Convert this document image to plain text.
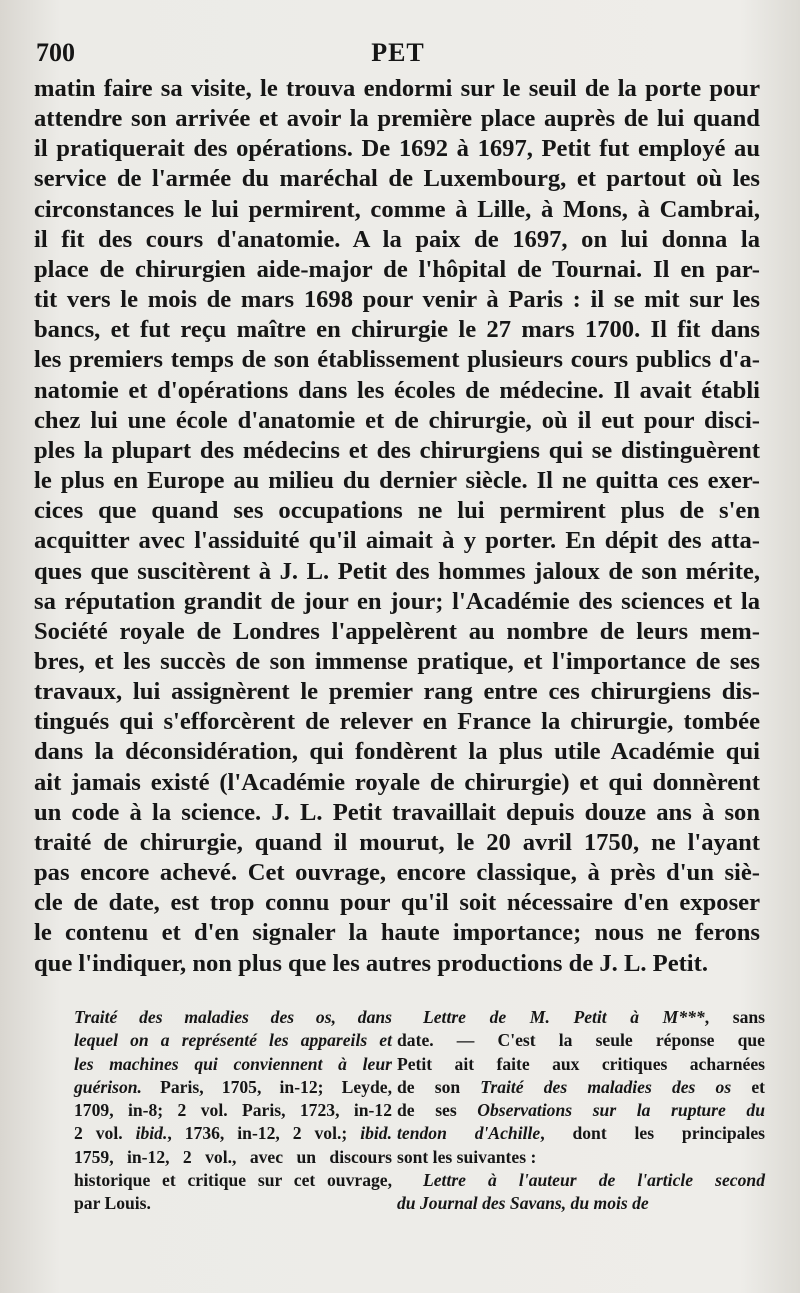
700	PET
matin faire sa visite, le trouva endormi sur le seuil de la porte pour
attendre son arrivée et avoir la première place auprès de lui quand
il pratiquerait des opérations. De 1692 à 1697, Petit fut employé au
service de l'armée du maréchal de Luxembourg, et partout où les
circonstances le lui permirent, comme à Lille, à Mons, à Cambrai,
il fit des cours d'anatomie. A la paix de 1697, on lui donna la
place de chirurgien aide-major de l'hôpital de Tournai. Il en par-
tit vers le mois de mars 1698 pour venir à Paris : il se mit sur les
bancs, et fut reçu maître en chirurgie le 27 mars 1700. Il fit dans
les premiers temps de son établissement plusieurs cours publics d'a-
natomie et d'opérations dans les écoles de médecine. Il avait établi
chez lui une école d'anatomie et de chirurgie, où il eut pour disci-
ples la plupart des médecins et des chirurgiens qui se distinguèrent
le plus en Europe au milieu du dernier siècle. Il ne quitta ces exer-
cices que quand ses occupations ne lui permirent plus de s'en
acquitter avec l'assiduité qu'il aimait à y porter. En dépit des atta-
ques que suscitèrent à J. L. Petit des hommes jaloux de son mérite,
sa réputation grandit de jour en jour; l'Académie des sciences et la
Société royale de Londres l'appelèrent au nombre de leurs mem-
bres, et les succès de son immense pratique, et l'importance de ses
travaux, lui assignèrent le premier rang entre ces chirurgiens dis-
tingués qui s'efforcèrent de relever en France la chirurgie, tombée
dans la déconsidération, qui fondèrent la plus utile Académie qui
ait jamais existé (l'Académie royale de chirurgie) et qui donnèrent
un code à la science. J. L. Petit travaillait depuis douze ans à son
traité de chirurgie, quand il mourut, le 20 avril 1750, ne l'ayant
pas encore achevé. Cet ouvrage, encore classique, à près d'un siè-
cle de date, est trop connu pour qu'il soit nécessaire d'en exposer
le contenu et d'en signaler la haute importance; nous ne ferons
que l'indiquer, non plus que les autres productions de J. L. Petit.
Traité des maladies des os, dans
lequel on a représenté les appareils et
les machines qui conviennent à leur
guérison. Paris, 1705, in-12; Leyde,
1709, in-8; 2 vol. Paris, 1723, in-12
2 vol. ibid., 1736, in-12, 2 vol.; ibid.
1759, in-12, 2 vol., avec un discours
historique et critique sur cet ouvrage,
par Louis.
Lettre de M. Petit à M***, sans
date. — C'est la seule réponse que
Petit ait faite aux critiques acharnées
de son Traité des maladies des os et
de ses Observations sur la rupture du
tendon d'Achille, dont les principales
sont les suivantes :
Lettre à l'auteur de l'article second
du Journal des Savans, du mois de
